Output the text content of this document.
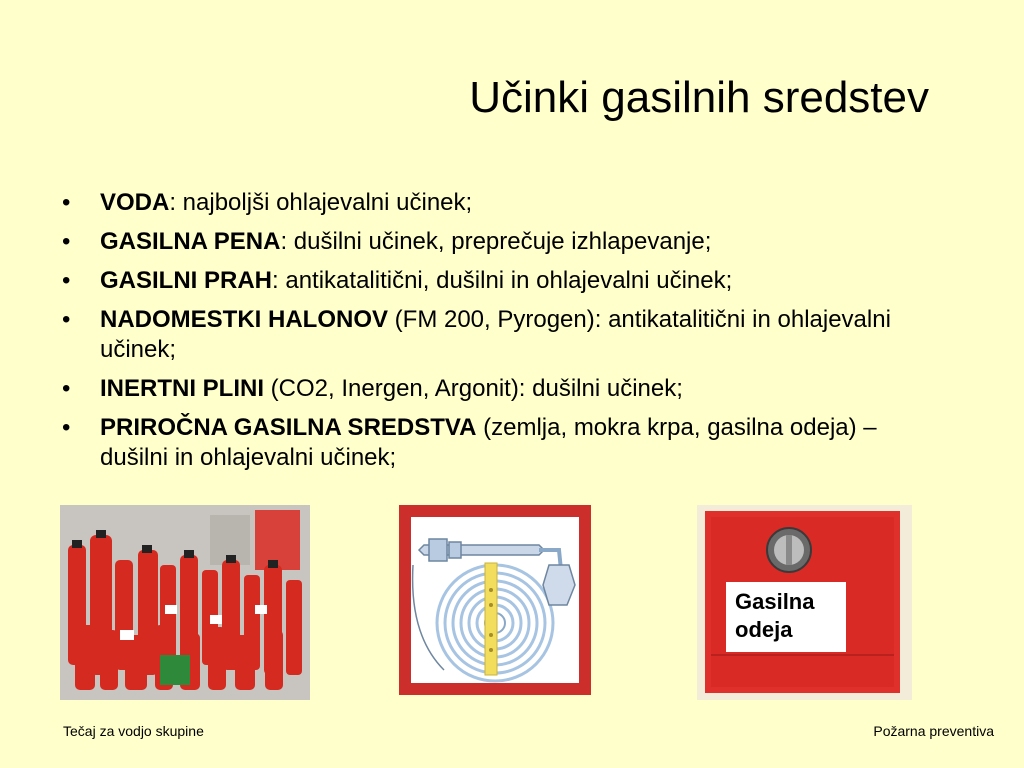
Učinki gasilnih sredstev
• VODA: najboljši ohlajevalni učinek;
• GASILNA PENA: dušilni učinek, preprečuje izhlapevanje;
• GASILNI PRAH: antikatalitični, dušilni in ohlajevalni učinek;
• NADOMESTKI HALONOV (FM 200, Pyrogen): antikatalitični in ohlajevalni učinek;
• INERTNI PLINI (CO2, Inergen, Argonit): dušilni učinek;
• PRIROČNA GASILNA SREDSTVA (zemlja, mokra krpa, gasilna odeja) – dušilni in ohlajevalni učinek;
Gasilna odeja
Tečaj za vodjo skupine	Požarna preventiva
